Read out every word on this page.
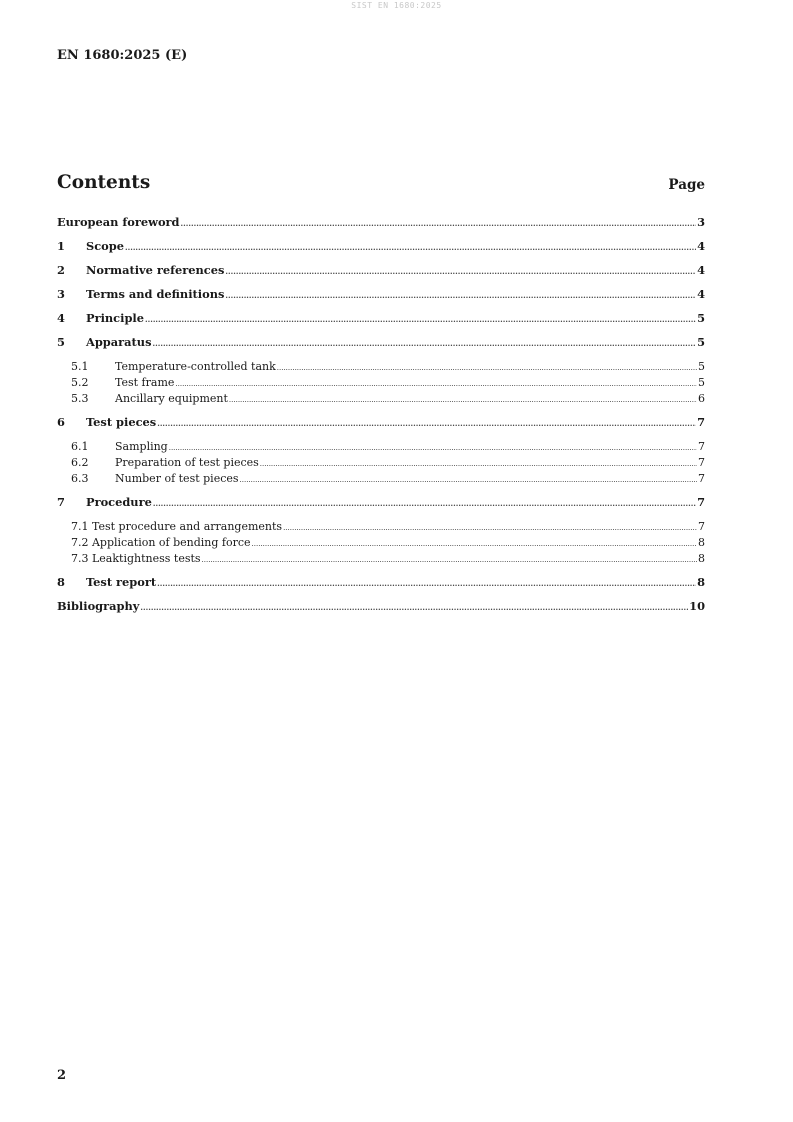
SIST EN 1680:2025
EN 1680:2025 (E)
Contents	Page
European foreword .....	3
1	Scope .....	4
2	Normative references .....	4
3	Terms and definitions .....	4
4	Principle .....	5
5	Apparatus .....	5
5.1	Temperature-controlled tank .....	5
5.2	Test frame .....	5
5.3	Ancillary equipment .....	6
6	Test pieces .....	7
6.1	Sampling .....	7
6.2	Preparation of test pieces .....	7
6.3	Number of test pieces .....	7
7	Procedure .....	7
7.1 Test procedure and arrangements .....	7
7.2 Application of bending force .....	8
7.3 Leaktightness tests .....	8
8	Test report .....	8
Bibliography .....	10
2
